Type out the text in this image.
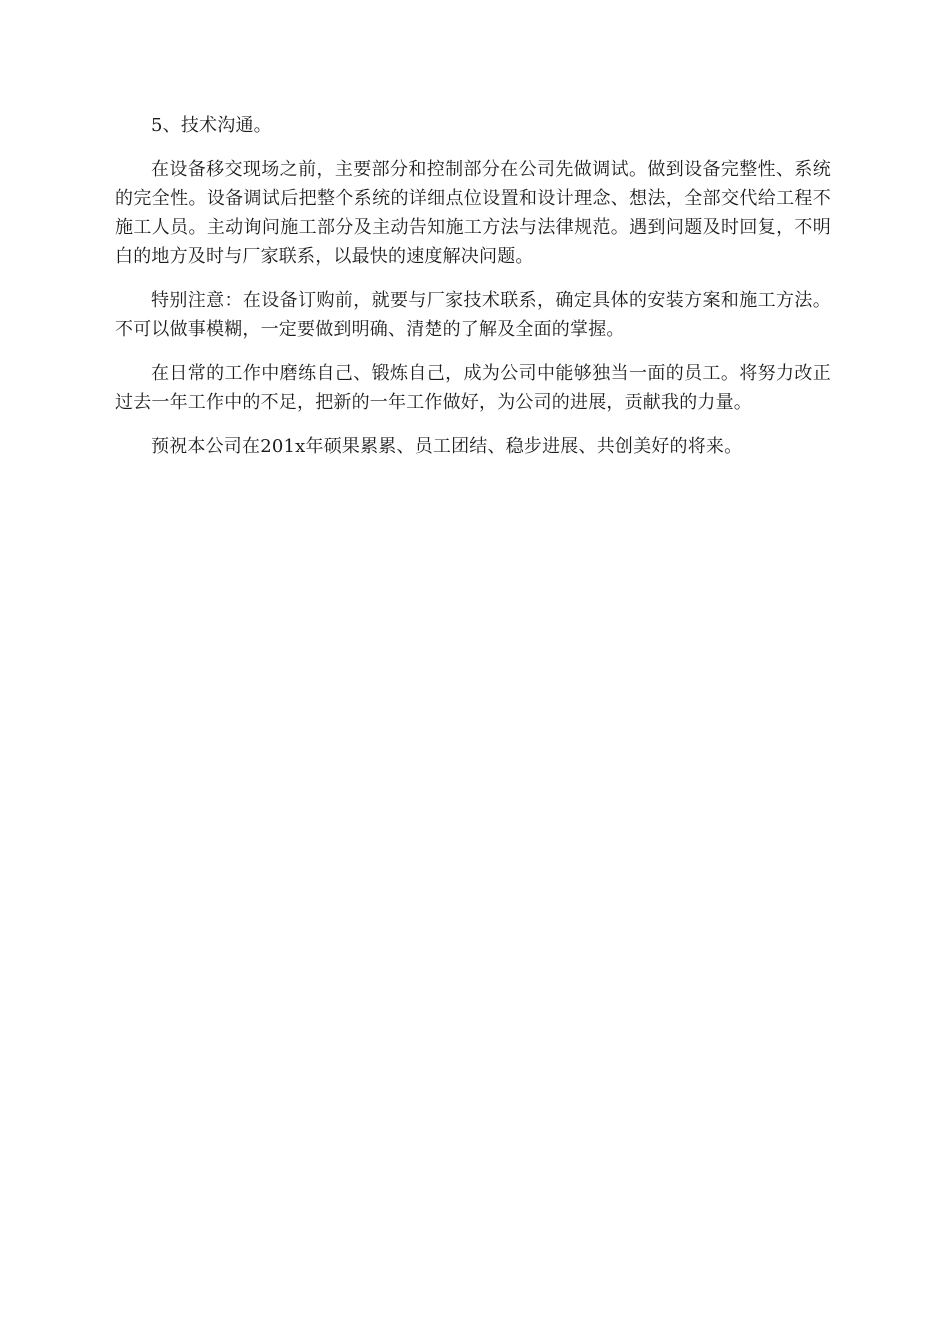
5、技术沟通。

在设备移交现场之前，主要部分和控制部分在公司先做调试。做到设备完整性、系统的完全性。设备调试后把整个系统的详细点位设置和设计理念、想法，全部交代给工程不施工人员。主动询问施工部分及主动告知施工方法与法律规范。遇到问题及时回复，不明白的地方及时与厂家联系，以最快的速度解决问题。

特别注意：在设备订购前，就要与厂家技术联系，确定具体的安装方案和施工方法。不可以做事模糊，一定要做到明确、清楚的了解及全面的掌握。

在日常的工作中磨练自己、锻炼自己，成为公司中能够独当一面的员工。将努力改正过去一年工作中的不足，把新的一年工作做好，为公司的进展，贡献我的力量。

预祝本公司在201x年硕果累累、员工团结、稳步进展、共创美好的将来。
